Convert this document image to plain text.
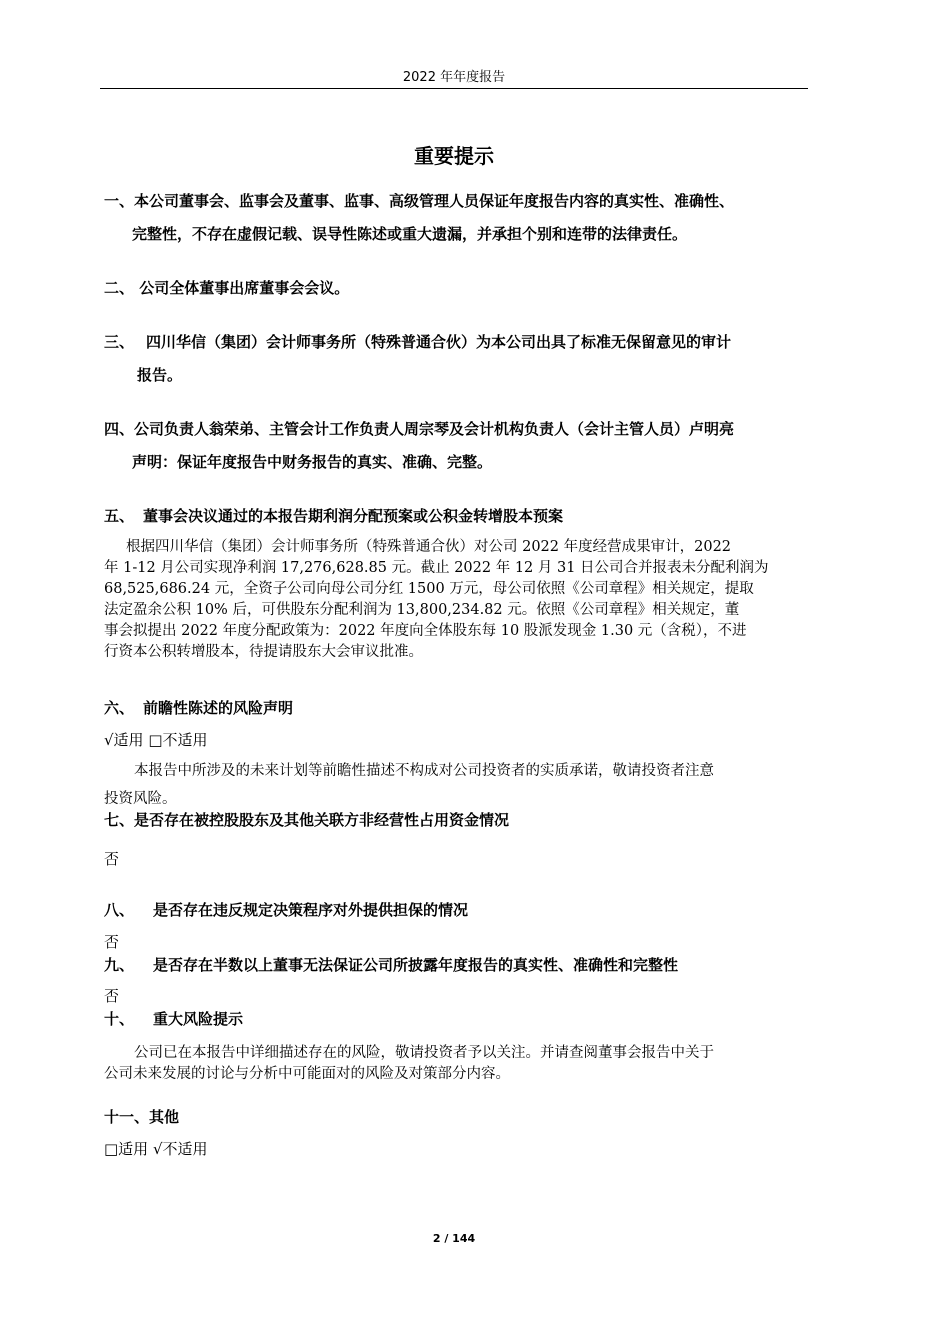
2022 年年度报告
重要提示
一、本公司董事会、监事会及董事、监事、高级管理人员保证年度报告内容的真实性、准确性、
完整性，不存在虚假记载、误导性陈述或重大遗漏，并承担个别和连带的法律责任。
二、 公司全体董事出席董事会会议。
三、 四川华信（集团）会计师事务所（特殊普通合伙）为本公司出具了标准无保留意见的审计
报告。
四、公司负责人翁荣弟、主管会计工作负责人周宗琴及会计机构负责人（会计主管人员）卢明亮
声明：保证年度报告中财务报告的真实、准确、完整。
五、 董事会决议通过的本报告期利润分配预案或公积金转增股本预案
根据四川华信（集团）会计师事务所（特殊普通合伙）对公司 2022 年度经营成果审计，2022
年 1-12 月公司实现净利润 17,276,628.85 元。截止 2022 年 12 月 31 日公司合并报表未分配利润为
68,525,686.24 元，全资子公司向母公司分红 1500 万元，母公司依照《公司章程》相关规定，提取
法定盈余公积 10% 后，可供股东分配利润为 13,800,234.82 元。依照《公司章程》相关规定，董
事会拟提出 2022 年度分配政策为：2022 年度向全体股东每 10 股派发现金 1.30 元（含税），不进
行资本公积转增股本，待提请股东大会审议批准。
六、 前瞻性陈述的风险声明
√适用 □不适用
本报告中所涉及的未来计划等前瞻性描述不构成对公司投资者的实质承诺，敬请投资者注意
投资风险。
七、是否存在被控股股东及其他关联方非经营性占用资金情况
否
八、 是否存在违反规定决策程序对外提供担保的情况
否
九、 是否存在半数以上董事无法保证公司所披露年度报告的真实性、准确性和完整性
否
十、 重大风险提示
公司已在本报告中详细描述存在的风险，敬请投资者予以关注。并请查阅董事会报告中关于
公司未来发展的讨论与分析中可能面对的风险及对策部分内容。
十一、其他
□适用 √不适用
2 / 144
